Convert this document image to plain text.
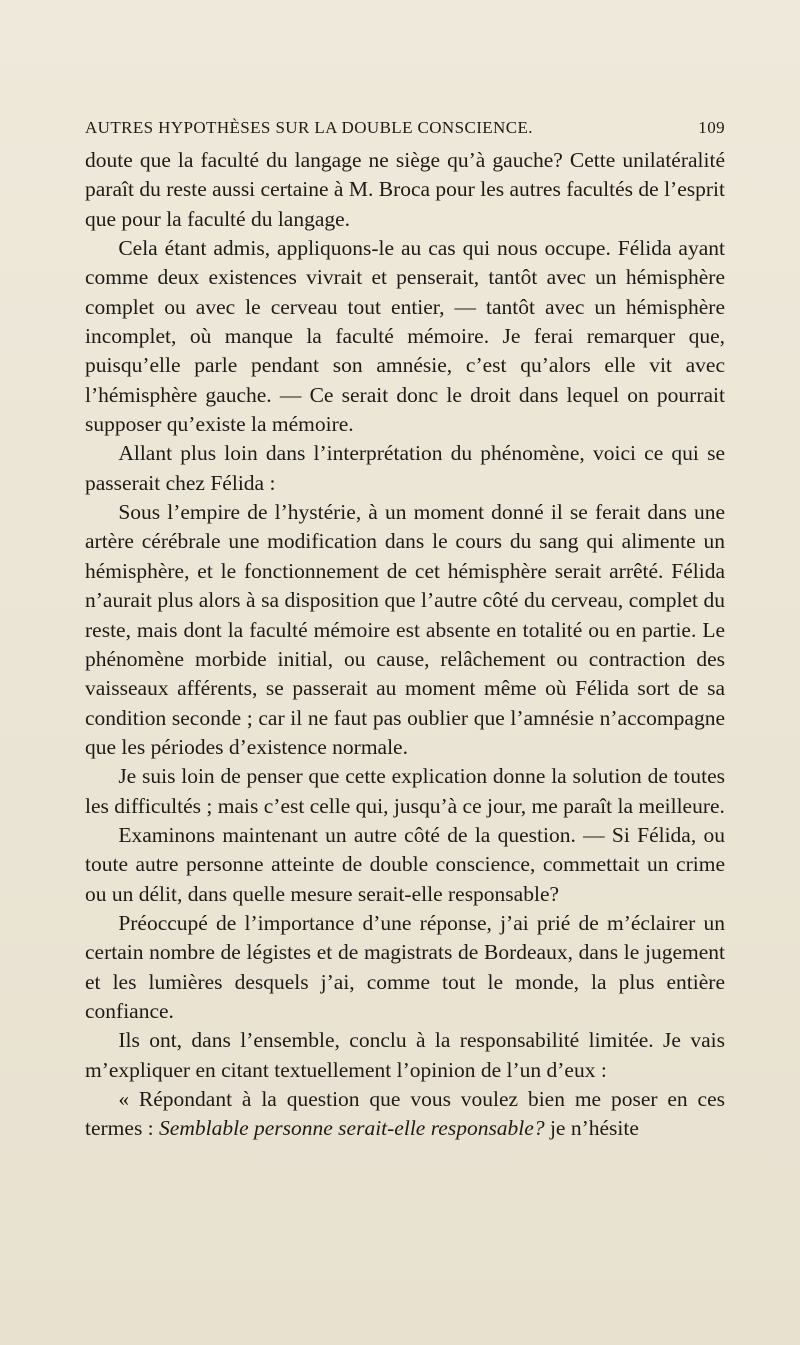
AUTRES HYPOTHÈSES SUR LA DOUBLE CONSCIENCE.	109

doute que la faculté du langage ne siège qu’à gauche? Cette unilatéralité paraît du reste aussi certaine à M. Broca pour les autres facultés de l’esprit que pour la faculté du langage.

Cela étant admis, appliquons-le au cas qui nous occupe. Félida ayant comme deux existences vivrait et penserait, tantôt avec un hémisphère complet ou avec le cerveau tout entier, — tantôt avec un hémisphère incomplet, où manque la faculté mémoire. Je ferai remarquer que, puisqu’elle parle pendant son amnésie, c’est qu’alors elle vit avec l’hémisphère gauche. — Ce serait donc le droit dans lequel on pourrait supposer qu’existe la mémoire.

Allant plus loin dans l’interprétation du phénomène, voici ce qui se passerait chez Félida :

Sous l’empire de l’hystérie, à un moment donné il se ferait dans une artère cérébrale une modification dans le cours du sang qui alimente un hémisphère, et le fonctionnement de cet hémisphère serait arrêté. Félida n’aurait plus alors à sa disposition que l’autre côté du cerveau, complet du reste, mais dont la faculté mémoire est absente en totalité ou en partie. Le phénomène morbide initial, ou cause, relâchement ou contraction des vaisseaux afférents, se passerait au moment même où Félida sort de sa condition seconde ; car il ne faut pas oublier que l’amnésie n’accompagne que les périodes d’existence normale.

Je suis loin de penser que cette explication donne la solution de toutes les difficultés ; mais c’est celle qui, jusqu’à ce jour, me paraît la meilleure.

Examinons maintenant un autre côté de la question. — Si Félida, ou toute autre personne atteinte de double conscience, commettait un crime ou un délit, dans quelle mesure serait-elle responsable?

Préoccupé de l’importance d’une réponse, j’ai prié de m’éclairer un certain nombre de légistes et de magistrats de Bordeaux, dans le jugement et les lumières desquels j’ai, comme tout le monde, la plus entière confiance.

Ils ont, dans l’ensemble, conclu à la responsabilité limitée. Je vais m’expliquer en citant textuellement l’opinion de l’un d’eux :

« Répondant à la question que vous voulez bien me poser en ces termes : Semblable personne serait-elle responsable? je n’hésite
